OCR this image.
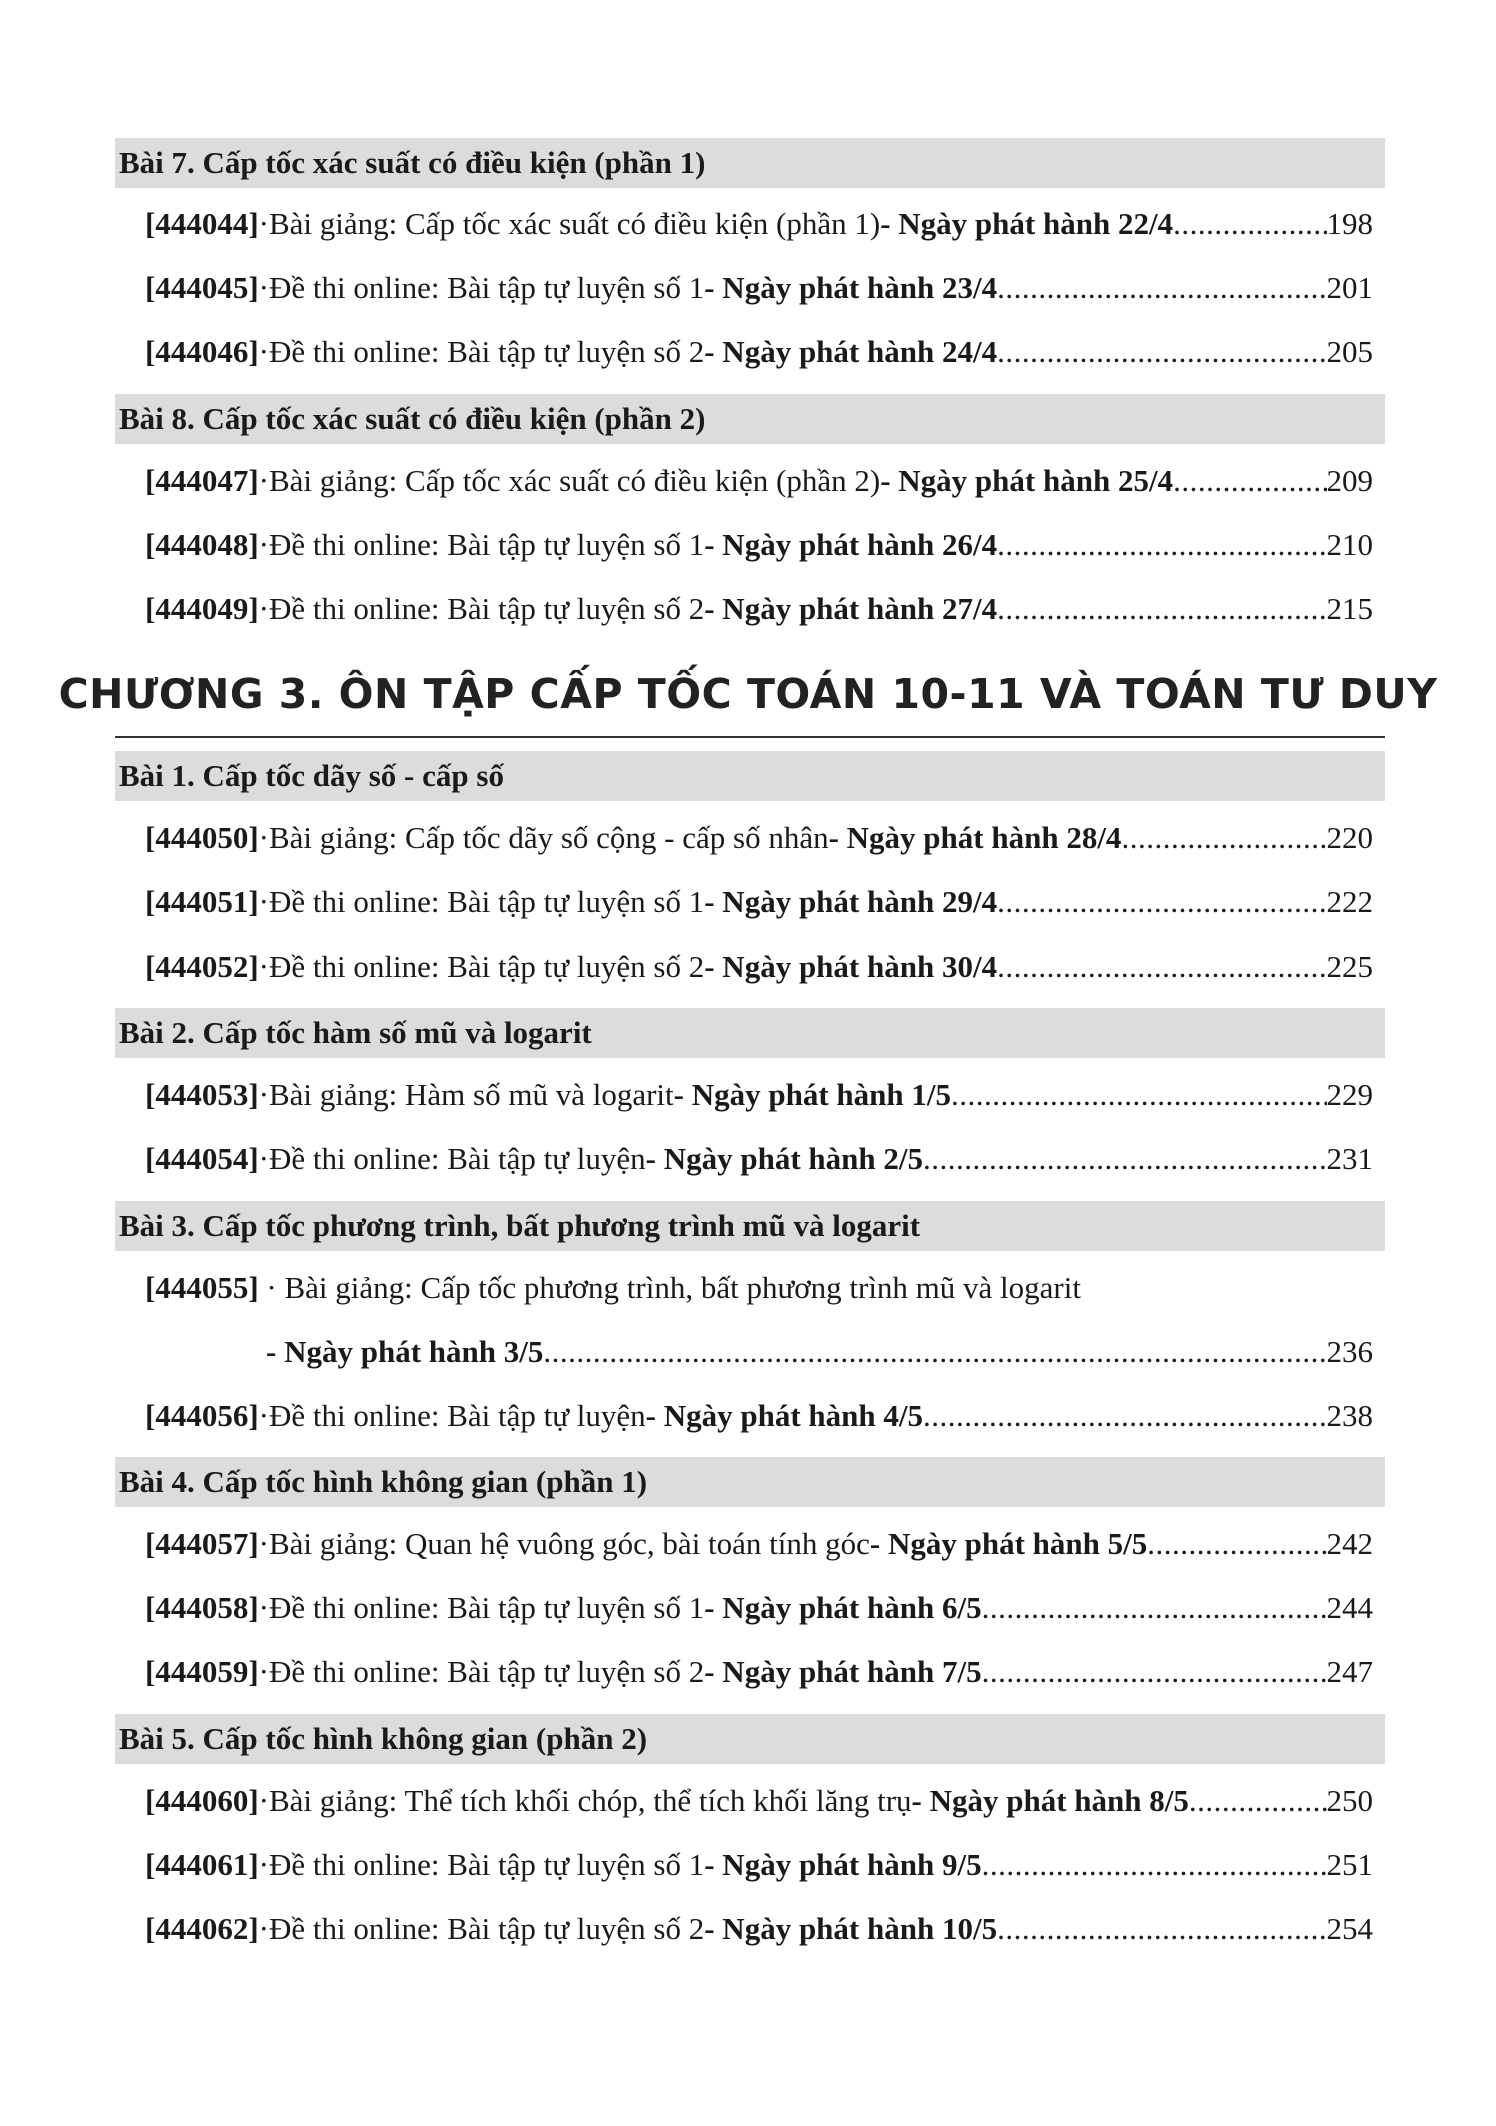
Bài 7. Cấp tốc xác suất có điều kiện (phần 1)
[444044] · Bài giảng: Cấp tốc xác suất có điều kiện (phần 1) - Ngày phát hành 22/4 .....	198
[444045] · Đề thi online: Bài tập tự luyện số 1 - Ngày phát hành 23/4 .....	201
[444046] · Đề thi online: Bài tập tự luyện số 2 - Ngày phát hành 24/4 .....	205
Bài 8. Cấp tốc xác suất có điều kiện (phần 2)
[444047] · Bài giảng: Cấp tốc xác suất có điều kiện (phần 2) - Ngày phát hành 25/4 .....	209
[444048] · Đề thi online: Bài tập tự luyện số 1 - Ngày phát hành 26/4 .....	210
[444049] · Đề thi online: Bài tập tự luyện số 2 - Ngày phát hành 27/4 .....	215
CHƯƠNG 3. ÔN TẬP CẤP TỐC TOÁN 10-11 VÀ TOÁN TƯ DUY
Bài 1. Cấp tốc dãy số - cấp số
[444050] · Bài giảng: Cấp tốc dãy số cộng - cấp số nhân - Ngày phát hành 28/4 .....	220
[444051] · Đề thi online: Bài tập tự luyện số 1 - Ngày phát hành 29/4 .....	222
[444052] · Đề thi online: Bài tập tự luyện số 2 - Ngày phát hành 30/4 .....	225
Bài 2. Cấp tốc hàm số mũ và logarit
[444053] · Bài giảng: Hàm số mũ và logarit - Ngày phát hành 1/5 .....	229
[444054] · Đề thi online: Bài tập tự luyện - Ngày phát hành 2/5 .....	231
Bài 3. Cấp tốc phương trình, bất phương trình mũ và logarit
[444055] · Bài giảng: Cấp tốc phương trình, bất phương trình mũ và logarit
- Ngày phát hành 3/5 .....	236
[444056] · Đề thi online: Bài tập tự luyện - Ngày phát hành 4/5 .....	238
Bài 4. Cấp tốc hình không gian (phần 1)
[444057] · Bài giảng: Quan hệ vuông góc, bài toán tính góc - Ngày phát hành 5/5 .....	242
[444058] · Đề thi online: Bài tập tự luyện số 1 - Ngày phát hành 6/5 .....	244
[444059] · Đề thi online: Bài tập tự luyện số 2 - Ngày phát hành 7/5 .....	247
Bài 5. Cấp tốc hình không gian (phần 2)
[444060] · Bài giảng: Thể tích khối chóp, thể tích khối lăng trụ - Ngày phát hành 8/5 .....	250
[444061] · Đề thi online: Bài tập tự luyện số 1 - Ngày phát hành 9/5 .....	251
[444062] · Đề thi online: Bài tập tự luyện số 2 - Ngày phát hành 10/5 .....	254
